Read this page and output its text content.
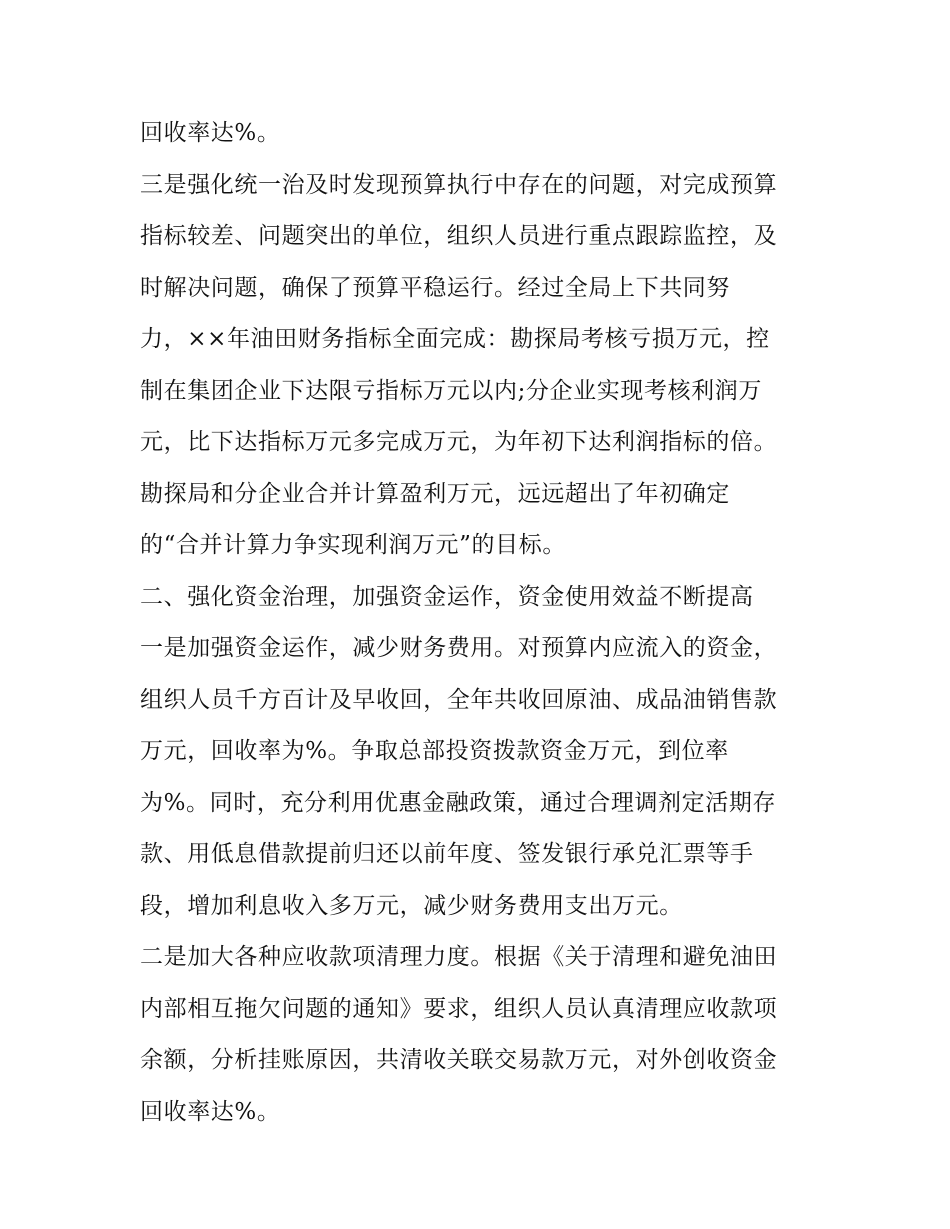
回收率达%。
三是强化统一治及时发现预算执行中存在的问题，对完成预算
指标较差、问题突出的单位，组织人员进行重点跟踪监控，及
时解决问题，确保了预算平稳运行。经过全局上下共同努
力，××年油田财务指标全面完成：勘探局考核亏损万元，控
制在集团企业下达限亏指标万元以内;分企业实现考核利润万
元，比下达指标万元多完成万元，为年初下达利润指标的倍。
勘探局和分企业合并计算盈利万元，远远超出了年初确定
的“合并计算力争实现利润万元”的目标。
二、强化资金治理，加强资金运作，资金使用效益不断提高
一是加强资金运作，减少财务费用。对预算内应流入的资金，
组织人员千方百计及早收回，全年共收回原油、成品油销售款
万元，回收率为%。争取总部投资拨款资金万元，到位率
为%。同时，充分利用优惠金融政策，通过合理调剂定活期存
款、用低息借款提前归还以前年度、签发银行承兑汇票等手
段，增加利息收入多万元，减少财务费用支出万元。
二是加大各种应收款项清理力度。根据《关于清理和避免油田
内部相互拖欠问题的通知》要求，组织人员认真清理应收款项
余额，分析挂账原因，共清收关联交易款万元，对外创收资金
回收率达%。
